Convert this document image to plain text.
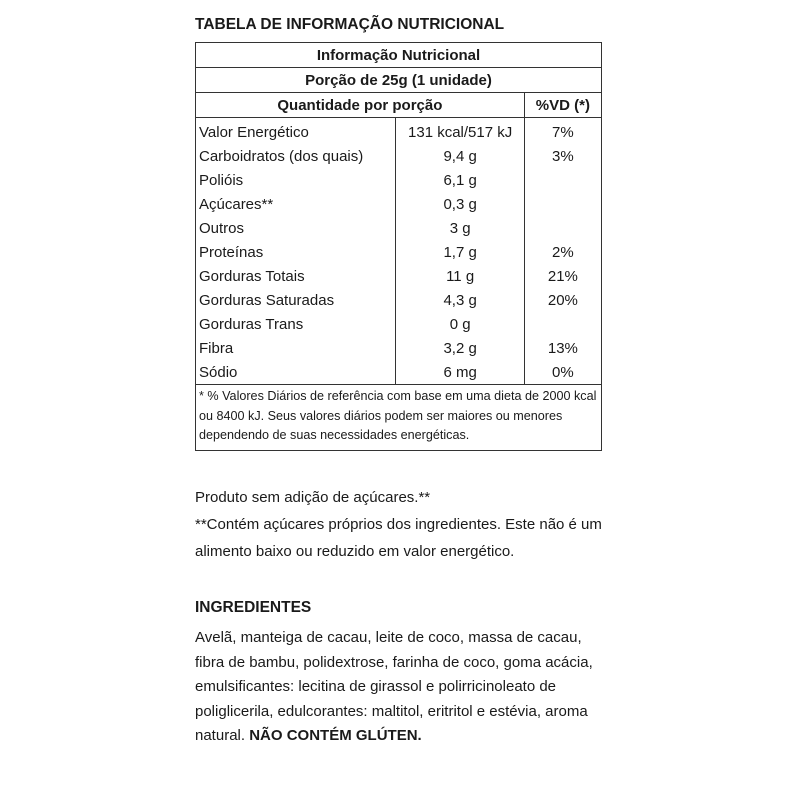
TABELA DE INFORMAÇÃO NUTRICIONAL
Informação Nutricional		
Porção de 25g (1 unidade)		
Quantidade por porção		%VD (*)
Valor Energético	131 kcal/517 kJ	7%
Carboidratos (dos quais)	9,4 g	3%
Polióis	6,1 g	
Açúcares**	0,3 g	
Outros	3 g	
Proteínas	1,7 g	2%
Gorduras Totais	11 g	21%
Gorduras Saturadas	4,3 g	20%
Gorduras Trans	0 g	
Fibra	3,2 g	13%
Sódio	6 mg	0%
* % Valores Diários de referência com base em uma dieta de 2000 kcal ou 8400 kJ. Seus valores diários podem ser maiores ou menores dependendo de suas necessidades energéticas.		

Produto sem adição de açúcares.**

**Contém açúcares próprios dos ingredientes. Este não é um alimento baixo ou reduzido em valor energético.

INGREDIENTES
Avelã, manteiga de cacau, leite de coco, massa de cacau, fibra de bambu, polidextrose, farinha de coco, goma acácia, emulsificantes: lecitina de girassol e polirricinoleato de poliglicerila, edulcorantes: maltitol, eritritol e estévia, aroma natural. NÃO CONTÉM GLÚTEN.
